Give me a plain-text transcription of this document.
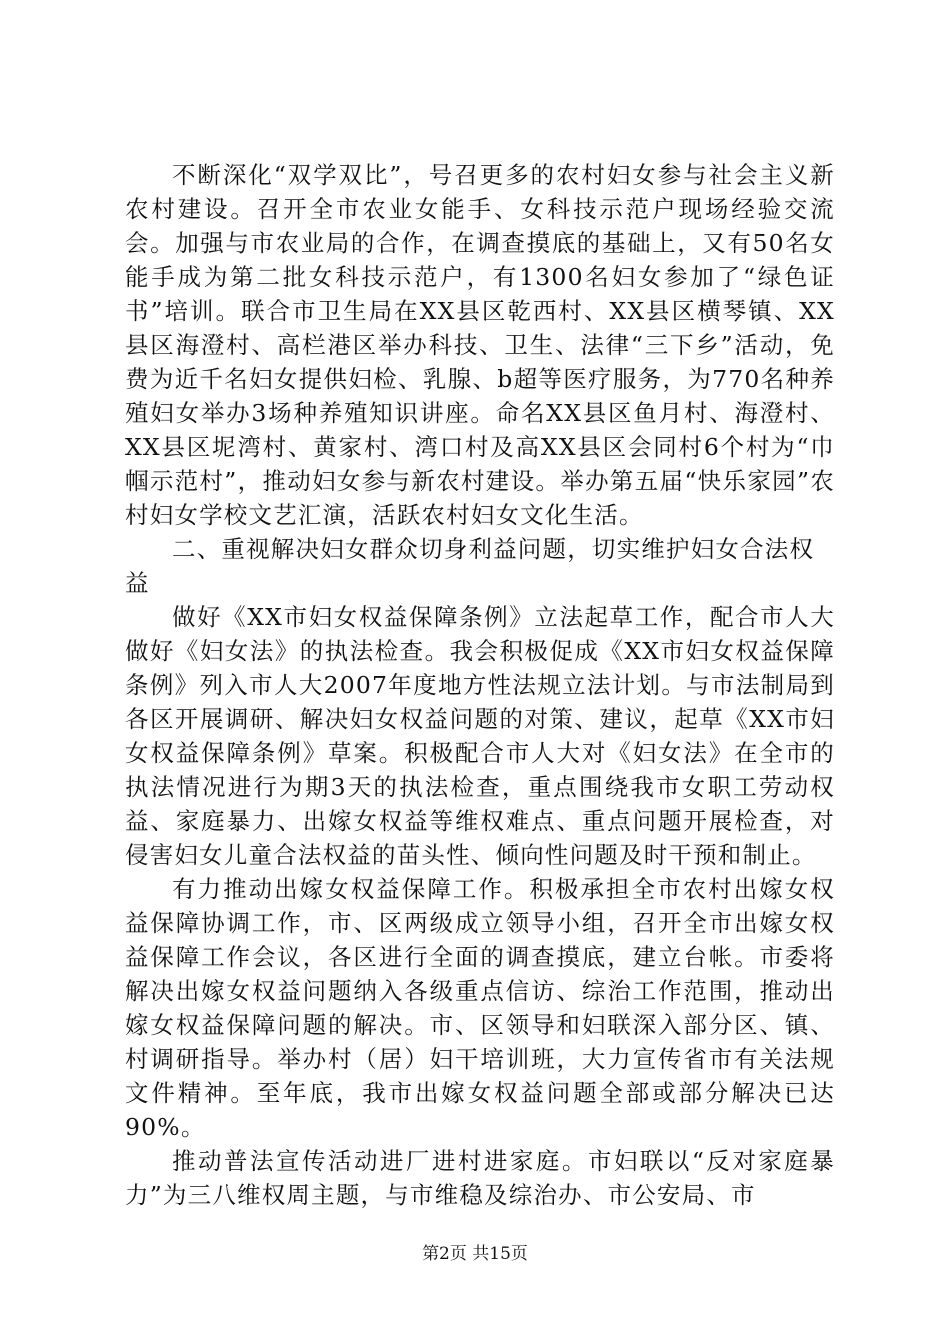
不断深化“双学双比”，号召更多的农村妇女参与社会主义新农村建设。召开全市农业女能手、女科技示范户现场经验交流会。加强与市农业局的合作，在调查摸底的基础上，又有50名女能手成为第二批女科技示范户，有1300名妇女参加了“绿色证书”培训。联合市卫生局在XX县区乾西村、XX县区横琴镇、XX县区海澄村、高栏港区举办科技、卫生、法律“三下乡”活动，免费为近千名妇女提供妇检、乳腺、b超等医疗服务，为770名种养殖妇女举办3场种养殖知识讲座。命名XX县区鱼月村、海澄村、XX县区坭湾村、黄家村、湾口村及高XX县区会同村6个村为“巾帼示范村”，推动妇女参与新农村建设。举办第五届“快乐家园”农村妇女学校文艺汇演，活跃农村妇女文化生活。

二、重视解决妇女群众切身利益问题，切实维护妇女合法权益

做好《XX市妇女权益保障条例》立法起草工作，配合市人大做好《妇女法》的执法检查。我会积极促成《XX市妇女权益保障条例》列入市人大2007年度地方性法规立法计划。与市法制局到各区开展调研、解决妇女权益问题的对策、建议，起草《XX市妇女权益保障条例》草案。积极配合市人大对《妇女法》在全市的执法情况进行为期3天的执法检查，重点围绕我市女职工劳动权益、家庭暴力、出嫁女权益等维权难点、重点问题开展检查，对侵害妇女儿童合法权益的苗头性、倾向性问题及时干预和制止。

有力推动出嫁女权益保障工作。积极承担全市农村出嫁女权益保障协调工作，市、区两级成立领导小组，召开全市出嫁女权益保障工作会议，各区进行全面的调查摸底，建立台帐。市委将解决出嫁女权益问题纳入各级重点信访、综治工作范围，推动出嫁女权益保障问题的解决。市、区领导和妇联深入部分区、镇、村调研指导。举办村（居）妇干培训班，大力宣传省市有关法规文件精神。至年底，我市出嫁女权益问题全部或部分解决已达90%。

推动普法宣传活动进厂进村进家庭。市妇联以“反对家庭暴力”为三八维权周主题，与市维稳及综治办、市公安局、市

第2页 共15页
